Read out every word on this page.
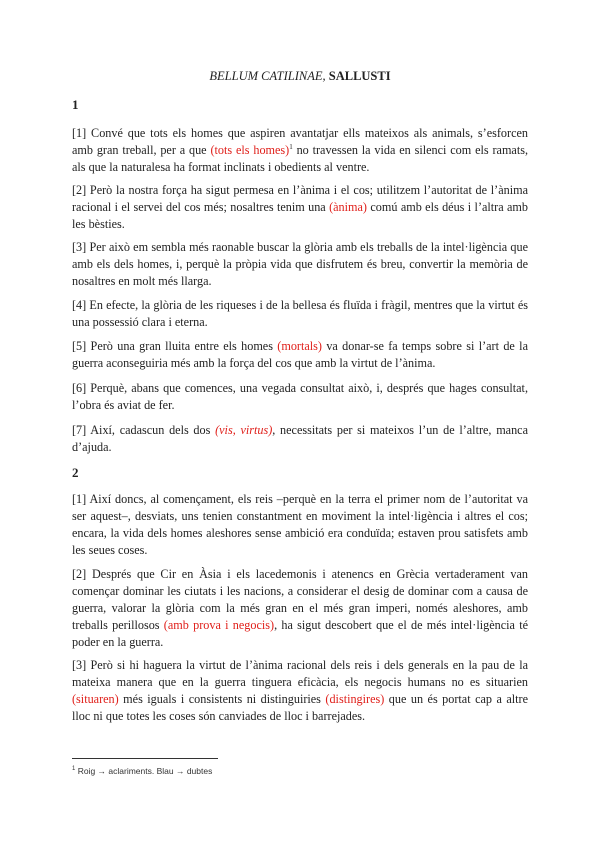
BELLUM CATILINAE, SALLUSTI
1

[1] Convé que tots els homes que aspiren avantatjar ells mateixos als animals, s’esforcen amb gran treball, per a que (tots els homes)$^1$ no travessen la vida en silenci com els ramats, als que la naturalesa ha format inclinats i obedients al ventre.

[2] Però la nostra força ha sigut permesa en l’ànima i el cos; utilitzem l’autoritat de l’ànima racional i el servei del cos més; nosaltres tenim una (ànima) comú amb els déus i l’altra amb les bèsties.

[3] Per això em sembla més raonable buscar la glòria amb els treballs de la intel·ligència que amb els dels homes, i, perquè la pròpia vida que disfrutem és breu, convertir la memòria de nosaltres en molt més llarga.

[4] En efecte, la glòria de les riqueses i de la bellesa és fluïda i fràgil, mentres que la virtut és una possessió clara i eterna.

[5] Però una gran lluita entre els homes (mortals) va donar-se fa temps sobre si l’art de la guerra aconseguiria més amb la força del cos que amb la virtut de l’ànima.

[6] Perquè, abans que comences, una vegada consultat això, i, després que hages consultat, l’obra és aviat de fer.

[7] Així, cadascun dels dos (vis, virtus), necessitats per si mateixos l’un de l’altre, manca d’ajuda.

2

[1] Així doncs, al començament, els reis –perquè en la terra el primer nom de l’autoritat va ser aquest–, desviats, uns tenien constantment en moviment la intel·ligència i altres el cos; encara, la vida dels homes aleshores sense ambició era conduïda; estaven prou satisfets amb les seues coses.

[2] Després que Cir en Àsia i els lacedemonis i atenencs en Grècia vertaderament van començar dominar les ciutats i les nacions, a considerar el desig de dominar com a causa de guerra, valorar la glòria com la més gran en el més gran imperi, només aleshores, amb treballs perillosos (amb prova i negocis), ha sigut descobert que el de més intel·ligència té poder en la guerra.

[3] Però si hi haguera la virtut de l’ànima racional dels reis i dels generals en la pau de la mateixa manera que en la guerra tinguera eficàcia, els negocis humans no es situarien (situaren) més iguals i consistents ni distinguiries (distingires) que un és portat cap a altre lloc ni que totes les coses són canviades de lloc i barrejades.

$^1$ Roig → aclariments. Blau → dubtes
